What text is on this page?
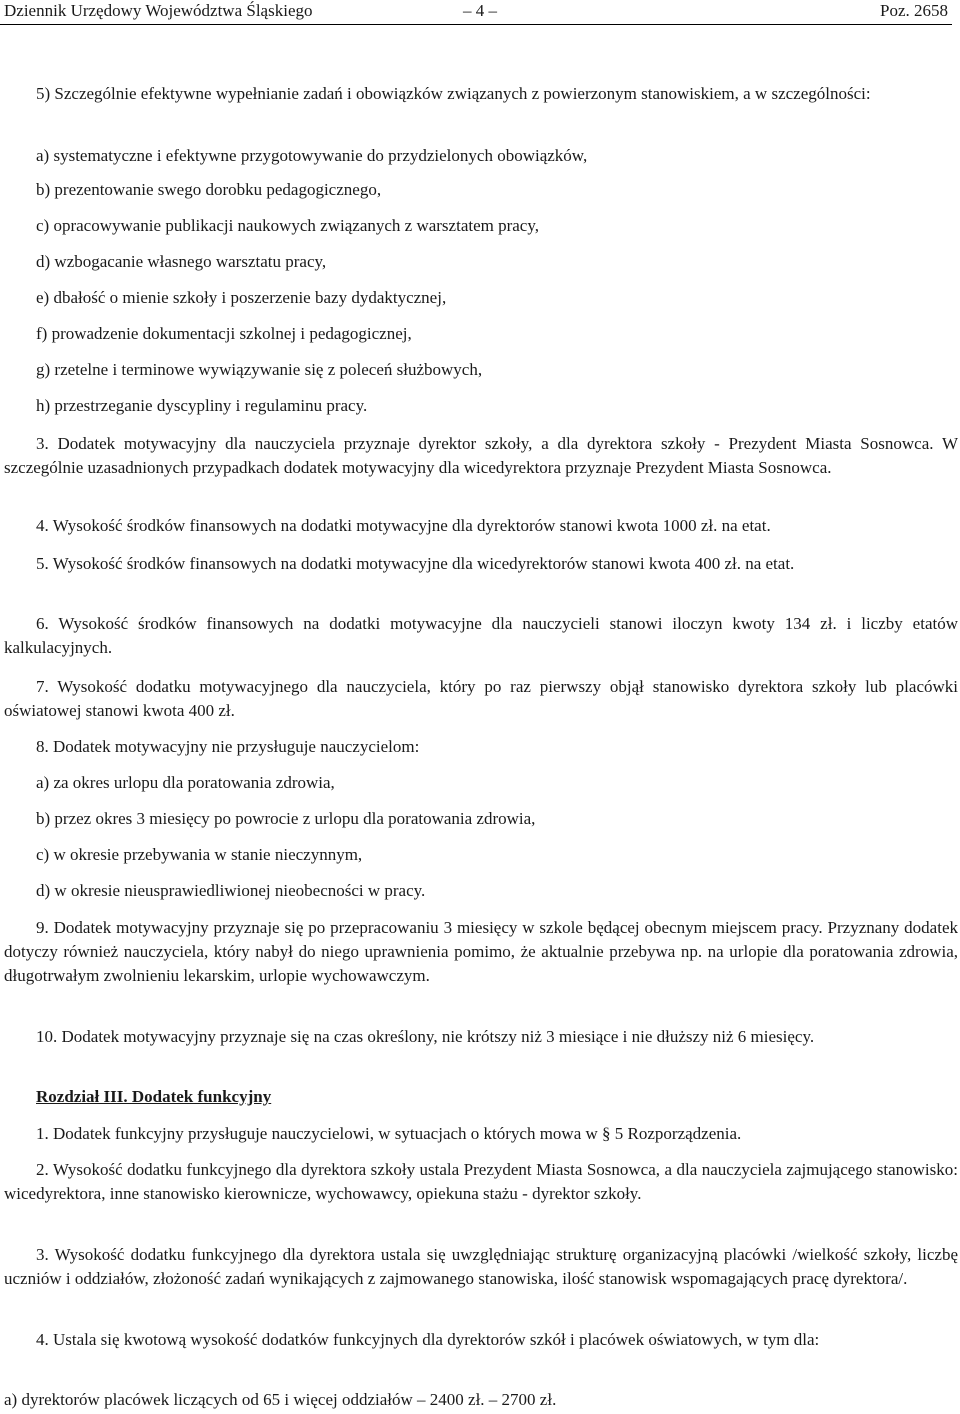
Dziennik Urzędowy Województwa Śląskiego	– 4 –	Poz. 2658

5) Szczególnie efektywne wypełnianie zadań i obowiązków związanych z powierzonym stanowiskiem, a w szczególności:

a) systematyczne i efektywne przygotowywanie do przydzielonych obowiązków,

b) prezentowanie swego dorobku pedagogicznego,

c) opracowywanie publikacji naukowych związanych z warsztatem pracy,

d) wzbogacanie własnego warsztatu pracy,

e) dbałość o mienie szkoły i poszerzenie bazy dydaktycznej,

f) prowadzenie dokumentacji szkolnej i pedagogicznej,

g) rzetelne i terminowe wywiązywanie się z poleceń służbowych,

h) przestrzeganie dyscypliny i regulaminu pracy.

3. Dodatek motywacyjny dla nauczyciela przyznaje dyrektor szkoły, a dla dyrektora szkoły - Prezydent Miasta Sosnowca. W szczególnie uzasadnionych przypadkach dodatek motywacyjny dla wicedyrektora przyznaje Prezydent Miasta Sosnowca.

4. Wysokość środków finansowych na dodatki motywacyjne dla dyrektorów stanowi kwota 1000 zł. na etat.

5. Wysokość środków finansowych na dodatki motywacyjne dla wicedyrektorów stanowi kwota 400 zł. na etat.

6. Wysokość środków finansowych na dodatki motywacyjne dla nauczycieli stanowi iloczyn kwoty 134 zł. i liczby etatów kalkulacyjnych.

7. Wysokość dodatku motywacyjnego dla nauczyciela, który po raz pierwszy objął stanowisko dyrektora szkoły lub placówki oświatowej stanowi kwota 400 zł.

8. Dodatek motywacyjny nie przysługuje nauczycielom:

a) za okres urlopu dla poratowania zdrowia,

b) przez okres 3 miesięcy po powrocie z urlopu dla poratowania zdrowia,

c) w okresie przebywania w stanie nieczynnym,

d) w okresie nieusprawiedliwionej nieobecności w pracy.

9. Dodatek motywacyjny przyznaje się po przepracowaniu 3 miesięcy w szkole będącej obecnym miejscem pracy. Przyznany dodatek dotyczy również nauczyciela, który nabył do niego uprawnienia pomimo, że aktualnie przebywa np. na urlopie dla poratowania zdrowia, długotrwałym zwolnieniu lekarskim, urlopie wychowawczym.

10. Dodatek motywacyjny przyznaje się na czas określony, nie krótszy niż 3 miesiące i nie dłuższy niż 6 miesięcy.

Rozdział III. Dodatek funkcyjny

1. Dodatek funkcyjny przysługuje nauczycielowi, w sytuacjach o których mowa w § 5 Rozporządzenia.

2. Wysokość dodatku funkcyjnego dla dyrektora szkoły ustala Prezydent Miasta Sosnowca, a dla nauczyciela zajmującego stanowisko: wicedyrektora, inne stanowisko kierownicze, wychowawcy, opiekuna stażu - dyrektor szkoły.

3. Wysokość dodatku funkcyjnego dla dyrektora ustala się uwzględniając strukturę organizacyjną placówki /wielkość szkoły, liczbę uczniów i oddziałów, złożoność zadań wynikających z zajmowanego stanowiska, ilość stanowisk wspomagających pracę dyrektora/.

4. Ustala się kwotową wysokość dodatków funkcyjnych dla dyrektorów szkół i placówek oświatowych, w tym dla:

a) dyrektorów placówek liczących od 65 i więcej oddziałów – 2400 zł. – 2700 zł.
